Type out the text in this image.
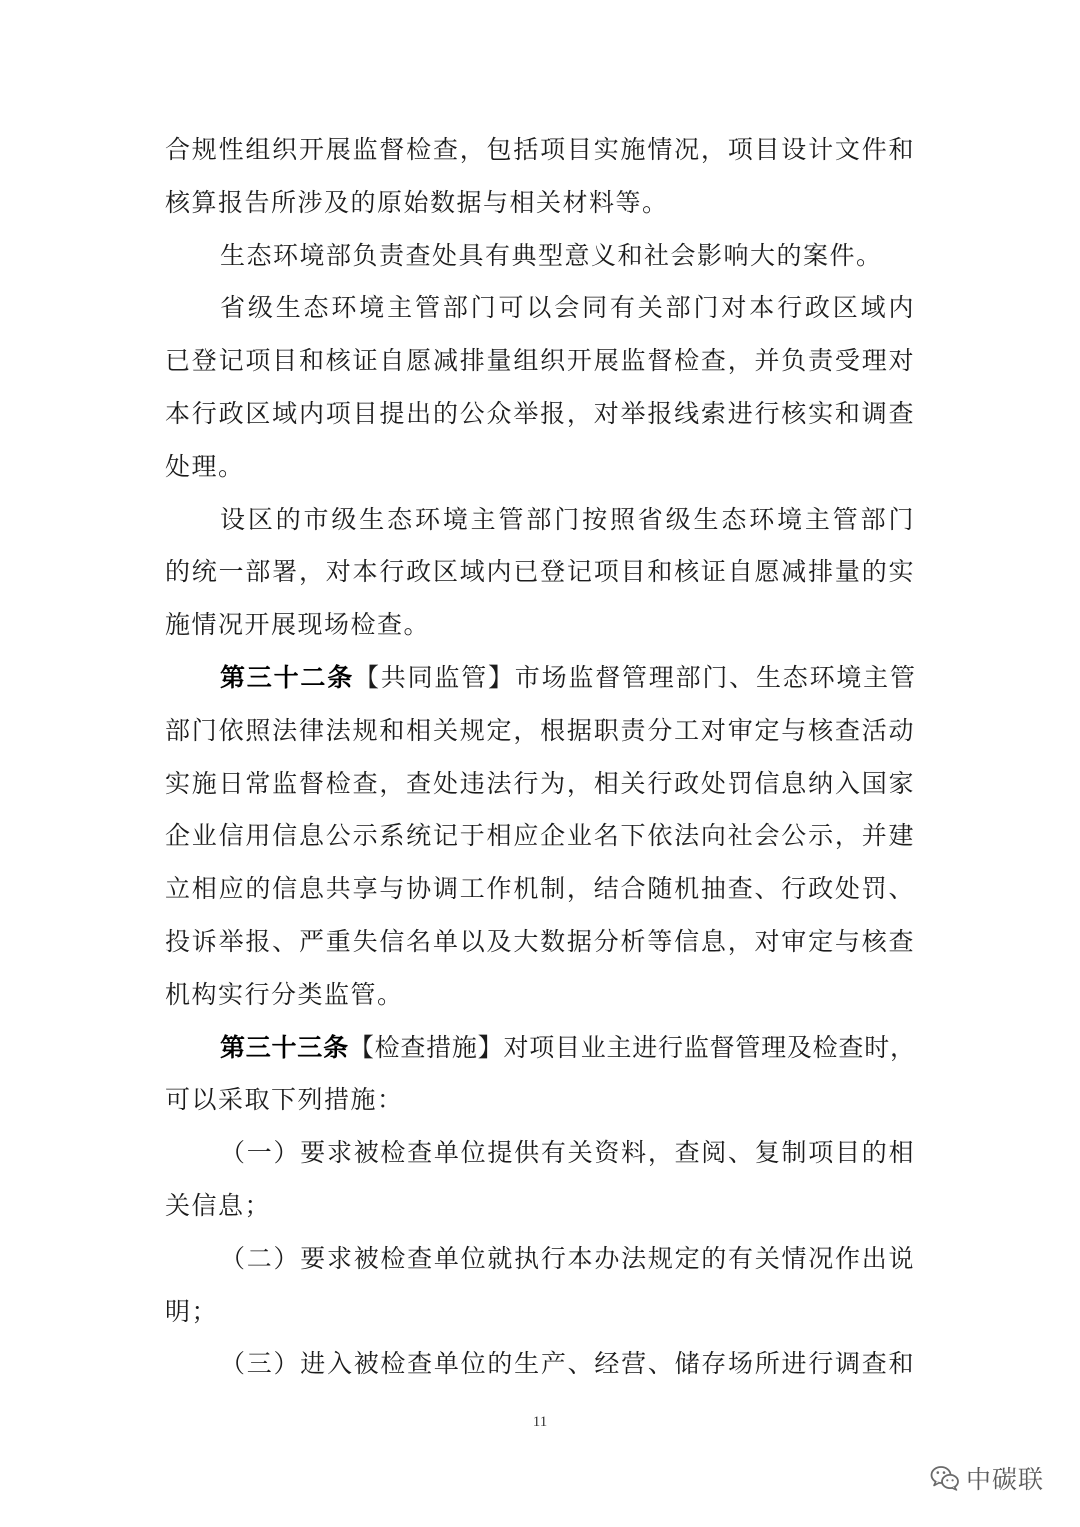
合规性组织开展监督检查，包括项目实施情况，项目设计文件和
核算报告所涉及的原始数据与相关材料等。
生态环境部负责查处具有典型意义和社会影响大的案件。
省级生态环境主管部门可以会同有关部门对本行政区域内
已登记项目和核证自愿减排量组织开展监督检查，并负责受理对
本行政区域内项目提出的公众举报，对举报线索进行核实和调查
处理。
设区的市级生态环境主管部门按照省级生态环境主管部门
的统一部署，对本行政区域内已登记项目和核证自愿减排量的实
施情况开展现场检查。
第三十二条【共同监管】市场监督管理部门、生态环境主管
部门依照法律法规和相关规定，根据职责分工对审定与核查活动
实施日常监督检查，查处违法行为，相关行政处罚信息纳入国家
企业信用信息公示系统记于相应企业名下依法向社会公示，并建
立相应的信息共享与协调工作机制，结合随机抽查、行政处罚、
投诉举报、严重失信名单以及大数据分析等信息，对审定与核查
机构实行分类监管。
第三十三条【检查措施】对项目业主进行监督管理及检查时，
可以采取下列措施：
（一）要求被检查单位提供有关资料，查阅、复制项目的相
关信息；
（二）要求被检查单位就执行本办法规定的有关情况作出说
明；
（三）进入被检查单位的生产、经营、储存场所进行调查和
11
中碳联
